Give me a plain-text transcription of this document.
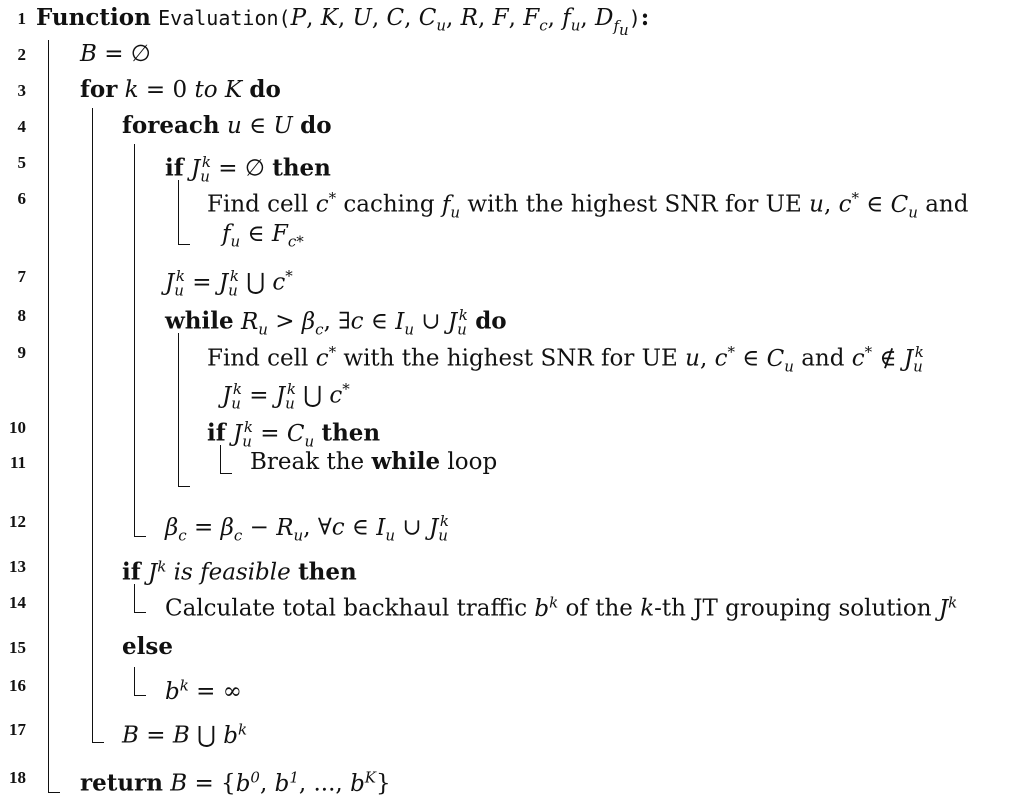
1
2
3
4
5
6
7
8
9
10
11
12
13
14
15
16
17
18
Function Evaluation(P, K, U, C, $C_u$, R, F, $F_c$, $f_u$, $D_{f_u}$):
B = ∅
for k = 0 to K do
foreach u ∈ U do
if $J_u^k$ = ∅ then
Find cell c* caching $f_u$ with the highest SNR for UE u, c* ∈ $C_u$ and
$f_u$ ∈ $F_{c*}$
$J_u^k = J_u^k$ ⋃ c*
while $R_u > \beta_c$, ∃c ∈ $I_u$ ∪ $J_u^k$ do
Find cell c* with the highest SNR for UE u, c* ∈ $C_u$ and c* ∉ $J_u^k$
$J_u^k = J_u^k$ ⋃ c*
if $J_u^k = C_u$ then
Break the while loop
$\beta_c = \beta_c - R_u$, ∀c ∈ $I_u$ ∪ $J_u^k$
if $J^k$ is feasible then
Calculate total backhaul traffic $b^k$ of the k-th JT grouping solution $J^k$
else
$b^k$ = ∞
B = B ⋃ $b^k$
return $B = \{b^0$, $b^1$, ..., $b^K$}
